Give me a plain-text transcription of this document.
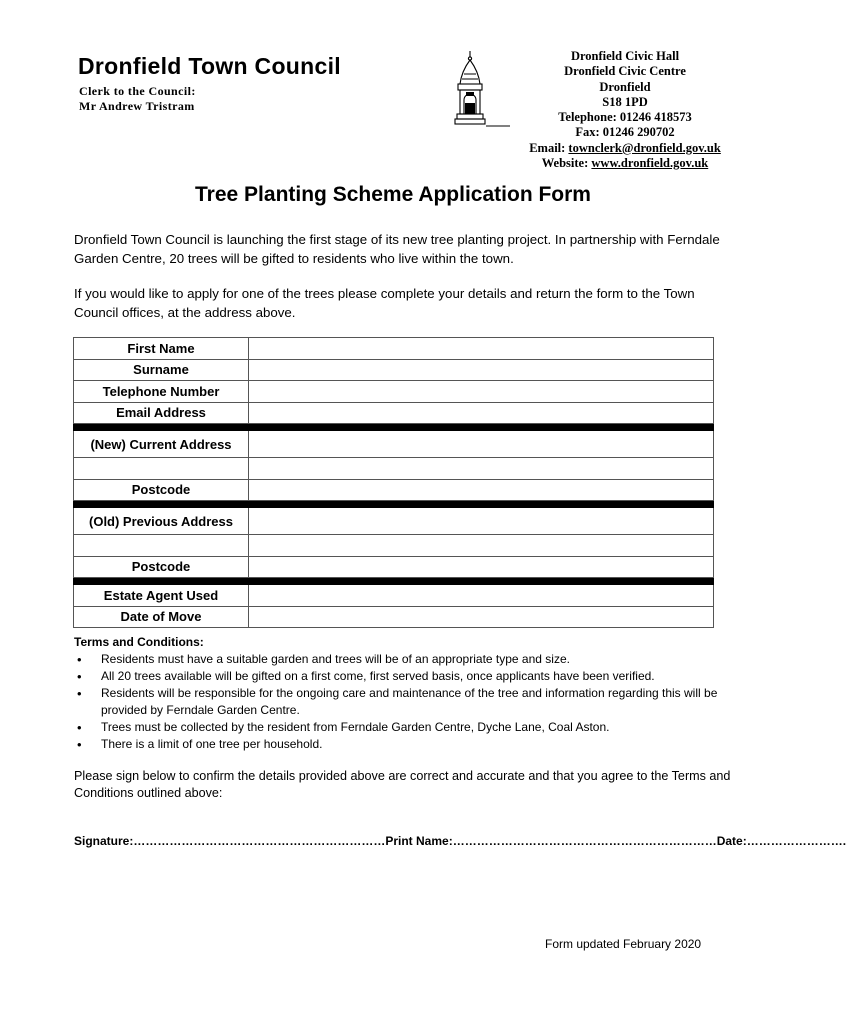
Dronfield Town Council
Clerk to the Council:
Mr Andrew Tristram
Dronfield Civic Hall
Dronfield Civic Centre
Dronfield
S18 1PD
Telephone: 01246 418573
Fax: 01246 290702
Email: townclerk@dronfield.gov.uk
Website: www.dronfield.gov.uk
Tree Planting Scheme Application Form
Dronfield Town Council is launching the first stage of its new tree planting project. In partnership with Ferndale Garden Centre, 20 trees will be gifted to residents who live within the town.
If you would like to apply for one of the trees please complete your details and return the form to the Town Council offices, at the address above.
First Name	
Surname	
Telephone Number	
Email Address	

(New) Current Address	

Postcode	

(Old) Previous Address	

Postcode	

Estate Agent Used	
Date of Move	
Terms and Conditions:
• Residents must have a suitable garden and trees will be of an appropriate type and size.
• All 20 trees available will be gifted on a first come, first served basis, once applicants have been verified.
• Residents will be responsible for the ongoing care and maintenance of the tree and information regarding this will be provided by Ferndale Garden Centre.
• Trees must be collected by the resident from Ferndale Garden Centre, Dyche Lane, Coal Aston.
• There is a limit of one tree per household.
Please sign below to confirm the details provided above are correct and accurate and that you agree to the Terms and Conditions outlined above:
Signature:………………………………………………………Print Name:…………………………………………………………Date:…………………….
Form updated February 2020
